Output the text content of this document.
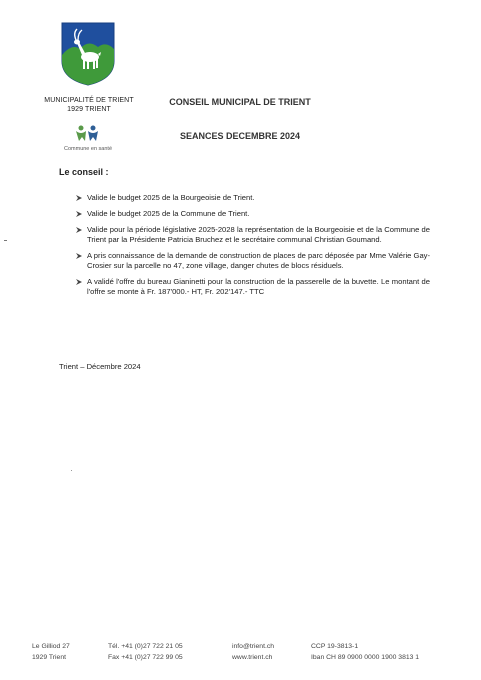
MUNICIPALITÉ DE TRIENT
1929 TRIENT
Commune en santé
CONSEIL MUNICIPAL DE TRIENT
SEANCES DECEMBRE 2024
Le conseil :
Valide le budget 2025 de la Bourgeoisie de Trient.
Valide le budget 2025 de la Commune de Trient.
Valide pour la période législative 2025-2028 la représentation de la Bourgeoisie et de la Commune de Trient par la Présidente Patricia Bruchez et le secrétaire communal Christian Goumand.
A pris connaissance de la demande de construction de places de parc déposée par Mme Valérie Gay-Crosier sur la parcelle no 47, zone village, danger chutes de blocs résiduels.
A validé l'offre du bureau Gianinetti pour la construction de la passerelle de la buvette. Le montant de l'offre se monte à Fr. 187'000.- HT, Fr. 202'147.- TTC
Trient – Décembre 2024
Le Gilliod 27
1929 Trient
Tél. +41 (0)27 722 21 05
Fax +41 (0)27 722 99 05
info@trient.ch
www.trient.ch
CCP 19-3813-1
Iban CH 89 0900 0000 1900 3813 1
